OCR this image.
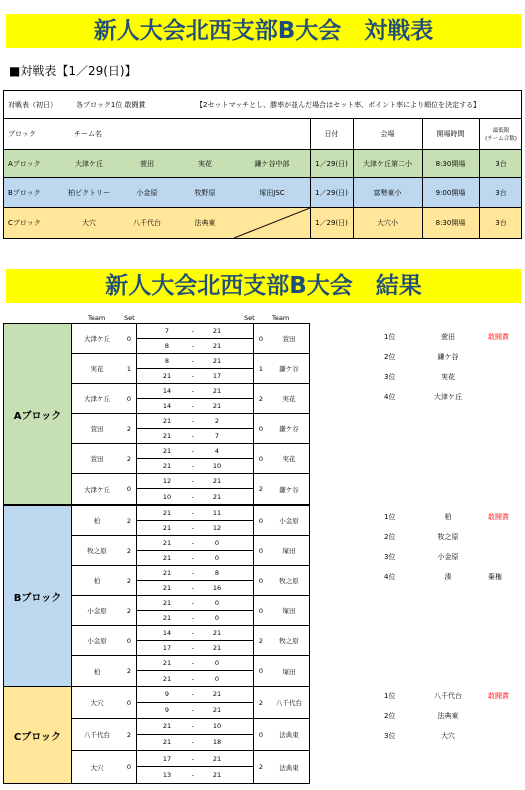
新人大会北西支部B大会　対戦表
■対戦表【1／29(日)】
対戦表（初日）	各ブロック1位 敢闘賞	【2セットマッチとし、勝率が並んだ場合はセット率、ポイント率により順位を決定する】
ブロック	チーム名	日付	会場	開場時間	最低限
(チーム合数)
Aブロック	大津ケ丘	萱田	実花	鎌ケ谷中部	1／29(日)	大津ケ丘第二小	8:30開場	3台
Bブロック	柏ビクトリー	小金原	牧野原	塚田JSC	1／29(日)	富勢東小	9:00開場	3台
Cブロック	大穴	八千代台	法典東	1／29(日)	大穴小	8:30開場	3台
新人大会北西支部B大会　結果
Team	Set	Set	Team
Aブロック
大津ケ丘	0
7	-	21
8	-	21
0	萱田
実花	1
8	-	21
21	-	17
1	鎌ケ谷
大津ケ丘	0
14	-	21
14	-	21
2	実花
萱田	2
21	-	2
21	-	7
0	鎌ケ谷
萱田	2
21	-	4
21	-	10
0	実花
大津ケ丘	0
12	-	21
10	-	21
2	鎌ケ谷
1位	萱田	敢闘賞
2位	鎌ケ谷
3位	実花
4位	大津ケ丘
Bブロック
柏	2
21	-	11
21	-	12
0	小金原
牧之原	2
21	-	0
21	-	0
0	塚田
柏	2
21	-	8
21	-	16
0	牧之原
小金原	2
21	-	0
21	-	0
0	塚田
小金原	0
14	-	21
17	-	21
2	牧之原
柏	2
21	-	0
21	-	0
0	塚田
1位	柏	敢闘賞
2位	牧之原
3位	小金原
4位	湊	棄権
Cブロック
大穴	0
9	-	21
9	-	21
2	八千代台
八千代台	2
21	-	10
21	-	18
0	法典東
大穴	0
17	-	21
13	-	21
2	法典東
1位	八千代台	敢闘賞
2位	法典東
3位	大穴
